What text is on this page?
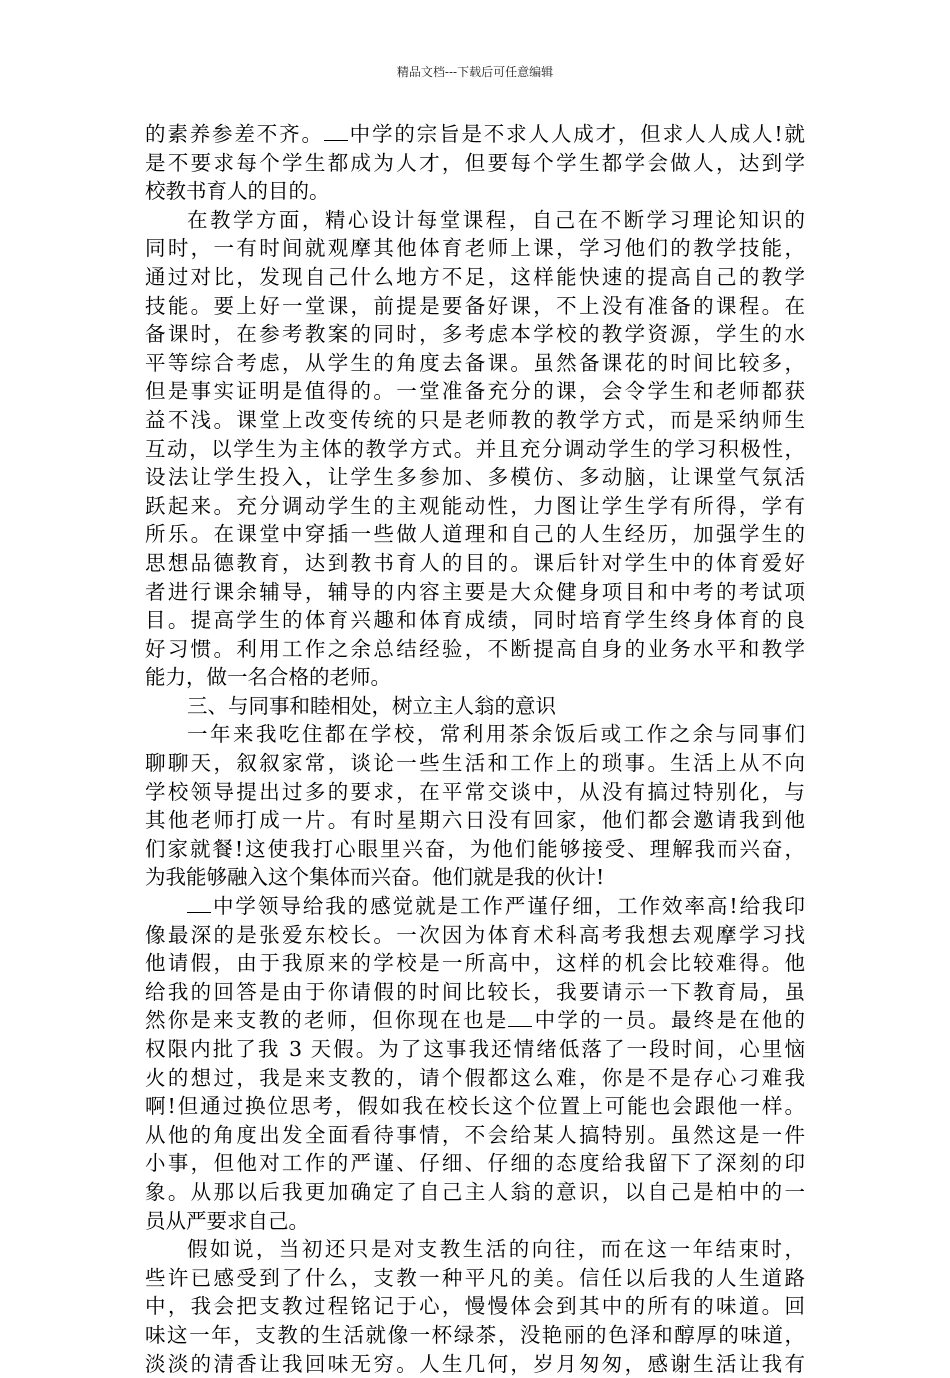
精品文档---下载后可任意编辑
的素养参差不齐。 中学的宗旨是不求人人成才，但求人人成人!就
是不要求每个学生都成为人才，但要每个学生都学会做人，达到学
校教书育人的目的。
在教学方面，精心设计每堂课程，自己在不断学习理论知识的
同时，一有时间就观摩其他体育老师上课，学习他们的教学技能，
通过对比，发现自己什么地方不足，这样能快速的提高自己的教学
技能。要上好一堂课，前提是要备好课，不上没有准备的课程。在
备课时，在参考教案的同时，多考虑本学校的教学资源，学生的水
平等综合考虑，从学生的角度去备课。虽然备课花的时间比较多，
但是事实证明是值得的。一堂准备充分的课，会令学生和老师都获
益不浅。课堂上改变传统的只是老师教的教学方式，而是采纳师生
互动，以学生为主体的教学方式。并且充分调动学生的学习积极性，
设法让学生投入，让学生多参加、多模仿、多动脑，让课堂气氛活
跃起来。充分调动学生的主观能动性，力图让学生学有所得，学有
所乐。在课堂中穿插一些做人道理和自己的人生经历，加强学生的
思想品德教育，达到教书育人的目的。课后针对学生中的体育爱好
者进行课余辅导，辅导的内容主要是大众健身项目和中考的考试项
目。提高学生的体育兴趣和体育成绩，同时培育学生终身体育的良
好习惯。利用工作之余总结经验，不断提高自身的业务水平和教学
能力，做一名合格的老师。
三、与同事和睦相处，树立主人翁的意识
一年来我吃住都在学校，常利用茶余饭后或工作之余与同事们
聊聊天，叙叙家常，谈论一些生活和工作上的琐事。生活上从不向
学校领导提出过多的要求，在平常交谈中，从没有搞过特别化，与
其他老师打成一片。有时星期六日没有回家，他们都会邀请我到他
们家就餐!这使我打心眼里兴奋，为他们能够接受、理解我而兴奋，
为我能够融入这个集体而兴奋。他们就是我的伙计!
中学领导给我的感觉就是工作严谨仔细，工作效率高!给我印
像最深的是张爱东校长。一次因为体育术科高考我想去观摩学习找
他请假，由于我原来的学校是一所高中，这样的机会比较难得。他
给我的回答是由于你请假的时间比较长，我要请示一下教育局，虽
然你是来支教的老师，但你现在也是 中学的一员。最终是在他的
权限内批了我 3 天假。为了这事我还情绪低落了一段时间，心里恼
火的想过，我是来支教的，请个假都这么难，你是不是存心刁难我
啊!但通过换位思考，假如我在校长这个位置上可能也会跟他一样。
从他的角度出发全面看待事情，不会给某人搞特别。虽然这是一件
小事，但他对工作的严谨、仔细、仔细的态度给我留下了深刻的印
象。从那以后我更加确定了自己主人翁的意识，以自己是柏中的一
员从严要求自己。
假如说，当初还只是对支教生活的向往，而在这一年结束时，
些许已感受到了什么，支教一种平凡的美。信任以后我的人生道路
中，我会把支教过程铭记于心，慢慢体会到其中的所有的味道。回
味这一年，支教的生活就像一杯绿茶，没艳丽的色泽和醇厚的味道，
淡淡的清香让我回味无穷。人生几何，岁月匆匆，感谢生活让我有
